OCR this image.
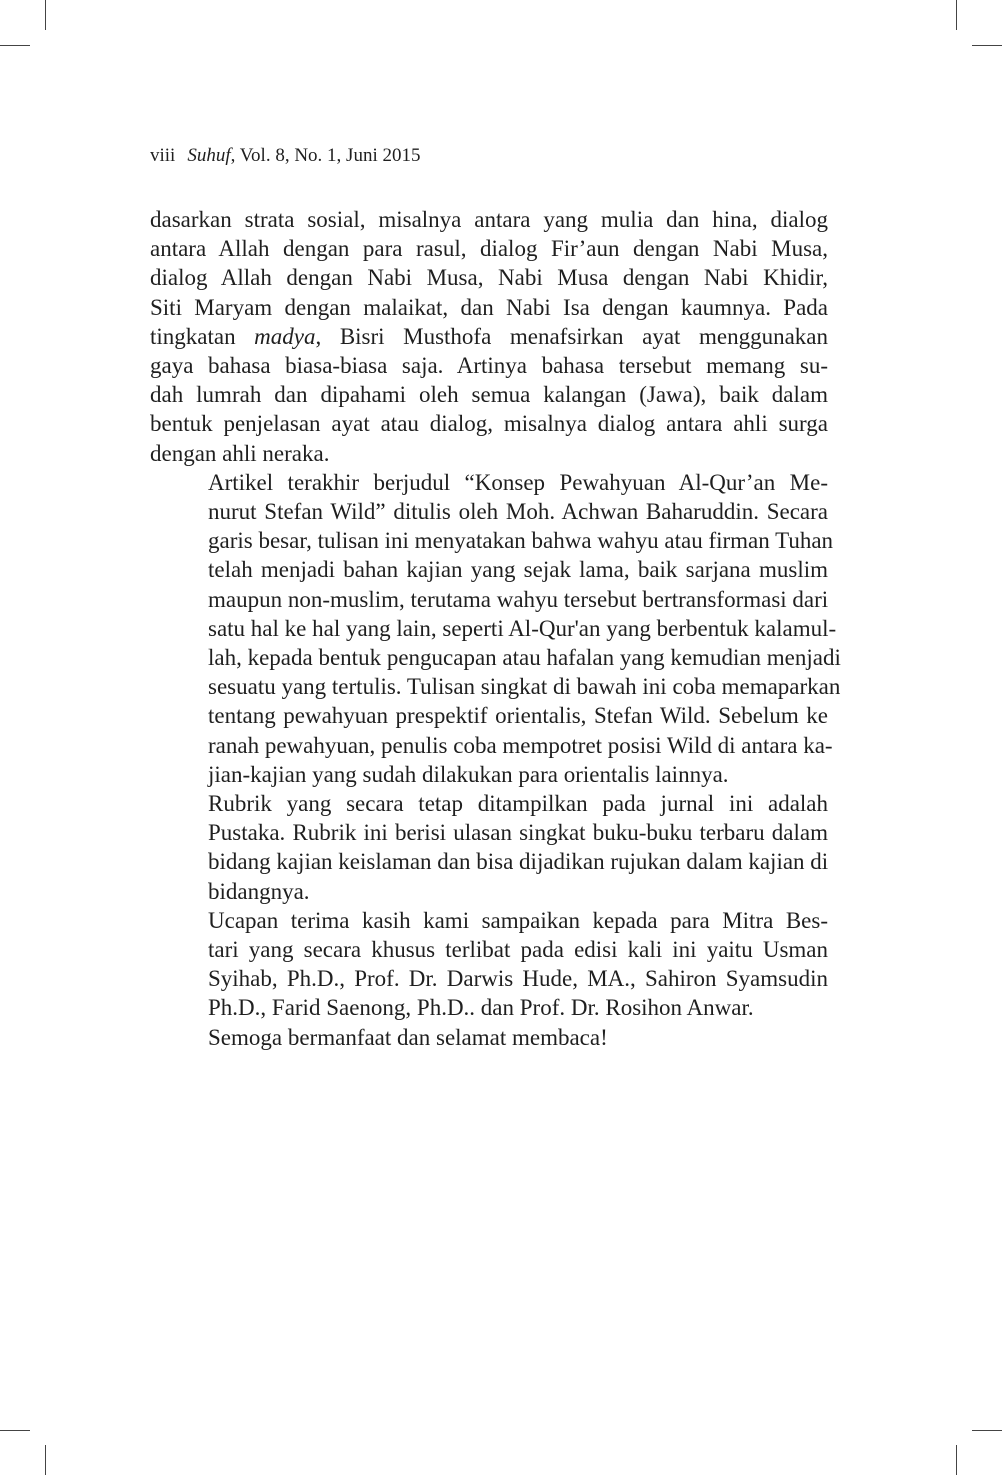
viii Suhuf, Vol. 8, No. 1, Juni 2015

dasarkan strata sosial, misalnya antara yang mulia dan hina, dialog
antara Allah dengan para rasul, dialog Fir’aun dengan Nabi Musa,
dialog Allah dengan Nabi Musa, Nabi Musa dengan Nabi Khidir,
Siti Maryam dengan malaikat, dan Nabi Isa dengan kaumnya. Pada
tingkatan madya, Bisri Musthofa menafsirkan ayat menggunakan
gaya bahasa biasa-biasa saja. Artinya bahasa tersebut memang su-
dah lumrah dan dipahami oleh semua kalangan (Jawa), baik dalam
bentuk penjelasan ayat atau dialog, misalnya dialog antara ahli surga
dengan ahli neraka.

Artikel terakhir berjudul “Konsep Pewahyuan Al-Qur’an Me-
nurut Stefan Wild” ditulis oleh Moh. Achwan Baharuddin. Secara
garis besar, tulisan ini menyatakan bahwa wahyu atau firman Tuhan
telah menjadi bahan kajian yang sejak lama, baik sarjana muslim
maupun non-muslim, terutama wahyu tersebut bertransformasi dari
satu hal ke hal yang lain, seperti Al-Qur'an yang berbentuk kalamul-
lah, kepada bentuk pengucapan atau hafalan yang kemudian menjadi
sesuatu yang tertulis. Tulisan singkat di bawah ini coba memaparkan
tentang pewahyuan prespektif orientalis, Stefan Wild. Sebelum ke
ranah pewahyuan, penulis coba mempotret posisi Wild di antara ka-
jian-kajian yang sudah dilakukan para orientalis lainnya.

Rubrik yang secara tetap ditampilkan pada jurnal ini adalah
Pustaka. Rubrik ini berisi ulasan singkat buku-buku terbaru dalam
bidang kajian keislaman dan bisa dijadikan rujukan dalam kajian di
bidangnya.

Ucapan terima kasih kami sampaikan kepada para Mitra Bes-
tari yang secara khusus terlibat pada edisi kali ini yaitu Usman
Syihab, Ph.D., Prof. Dr. Darwis Hude, MA., Sahiron Syamsudin
Ph.D., Farid Saenong, Ph.D.. dan Prof. Dr. Rosihon Anwar.

Semoga bermanfaat dan selamat membaca!
